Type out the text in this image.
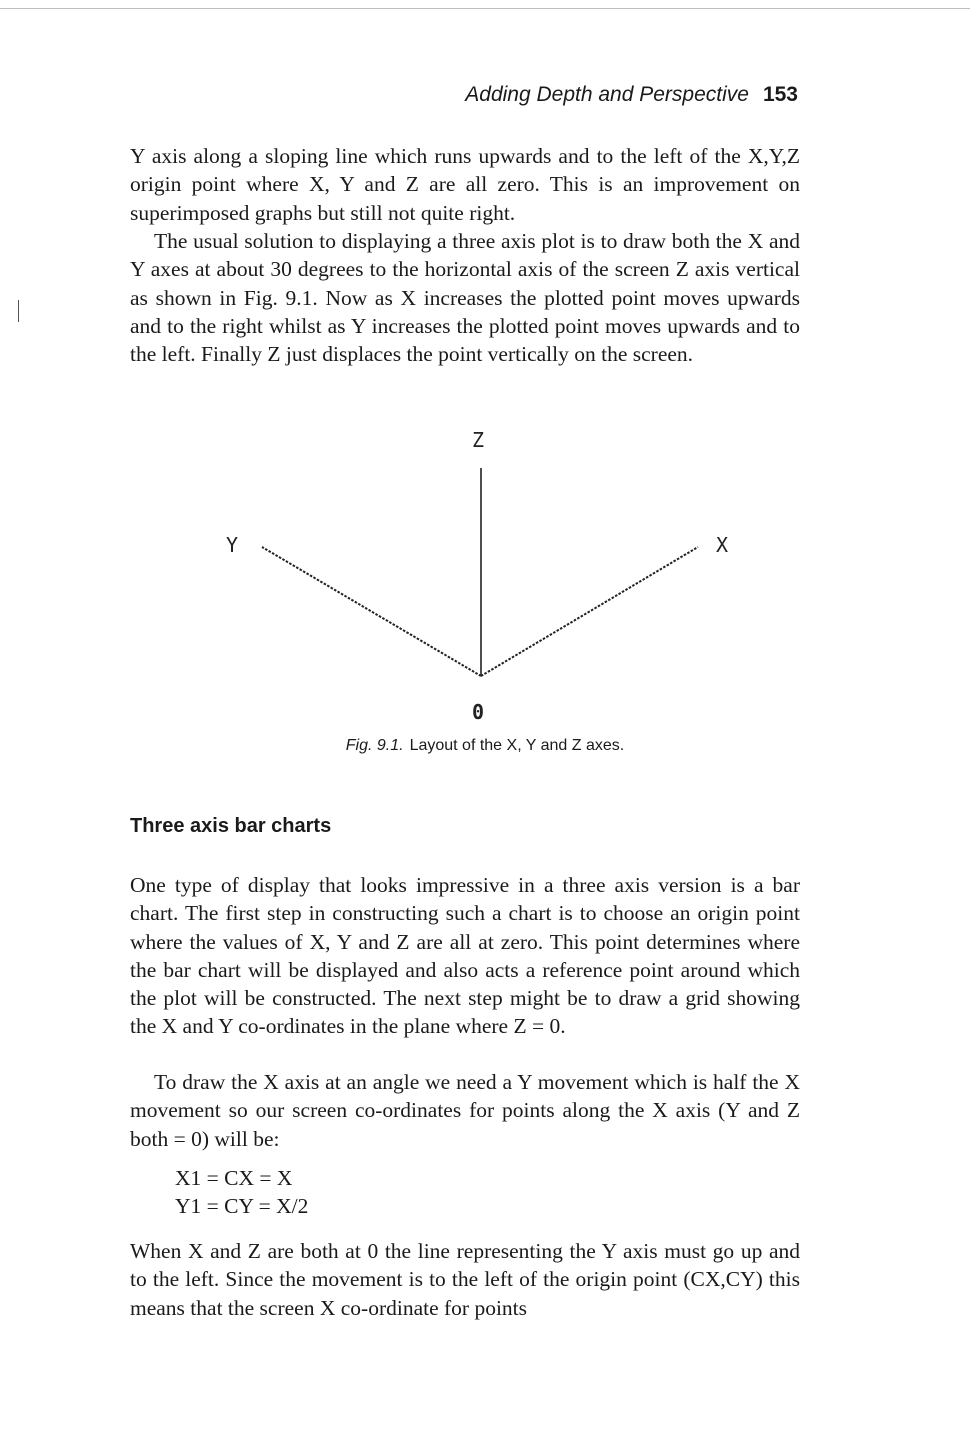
Adding Depth and Perspective 153

Y axis along a sloping line which runs upwards and to the left of the X,Y,Z origin point where X, Y and Z are all zero. This is an improvement on superimposed graphs but still not quite right.

The usual solution to displaying a three axis plot is to draw both the X and Y axes at about 30 degrees to the horizontal axis of the screen Z axis vertical as shown in Fig. 9.1. Now as X increases the plotted point moves upwards and to the right whilst as Y increases the plotted point moves upwards and to the left. Finally Z just displaces the point vertically on the screen.

Z
Y	X
0
Fig. 9.1. Layout of the X, Y and Z axes.
Three axis bar charts

One type of display that looks impressive in a three axis version is a bar chart. The first step in constructing such a chart is to choose an origin point where the values of X, Y and Z are all at zero. This point determines where the bar chart will be displayed and also acts a reference point around which the plot will be constructed. The next step might be to draw a grid showing the X and Y co-ordinates in the plane where Z = 0.

To draw the X axis at an angle we need a Y movement which is half the X movement so our screen co-ordinates for points along the X axis (Y and Z both = 0) will be:

X1 = CX = X
Y1 = CY = X/2

When X and Z are both at 0 the line representing the Y axis must go up and to the left. Since the movement is to the left of the origin point (CX,CY) this means that the screen X co-ordinate for points
